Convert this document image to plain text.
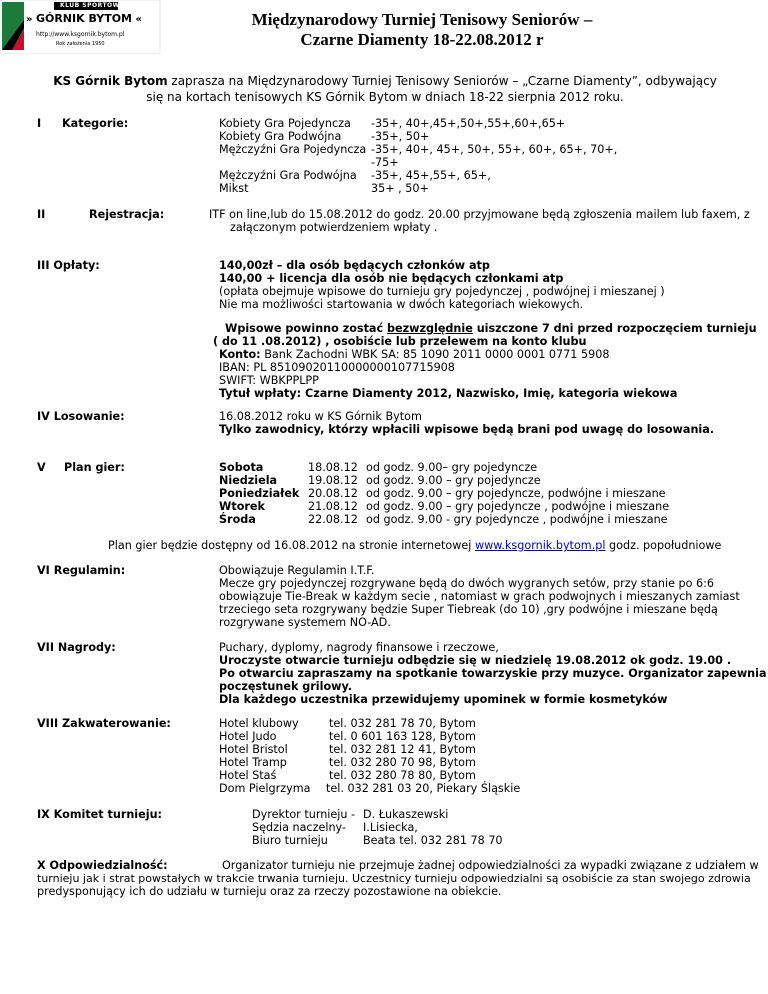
KLUB SPORTOWY
» GÓRNIK BYTOM «
http://www.ksgornik.bytom.pl
Rok założenia 1950
Międzynarodowy Turniej Tenisowy Seniorów –
Czarne Diamenty 18-22.08.2012 r
KS Górnik Bytom zaprasza na Międzynarodowy Turniej Tenisowy Seniorów – „Czarne Diamenty”, odbywający
się na kortach tenisowych KS Górnik Bytom w dniach 18-22 sierpnia 2012 roku.
I Kategorie:	Kobiety Gra Pojedyncza -35+, 40+,45+,50+,55+,60+,65+
Kobiety Gra Podwójna	-35+, 50+
Mężczyźni Gra Pojedyncza -35+, 40+, 45+, 50+, 55+, 60+, 65+, 70+,
-75+
Mężczyźni Gra Podwójna -35+, 45+,55+, 65+,
Mikst	35+ , 50+
II	Rejestracja:	ITF on line,lub do 15.08.2012 do godz. 20.00 przyjmowane będą zgłoszenia mailem lub faxem, z
załączonym potwierdzeniem wpłaty .
III Opłaty:	140,00zł – dla osób będących członków atp
140,00 + licencja dla osób nie będących członkami atp
(opłata obejmuje wpisowe do turnieju gry pojedynczej , podwójnej i mieszanej )
Nie ma możliwości startowania w dwóch kategoriach wiekowych.
Wpisowe powinno zostać bezwzględnie uiszczone 7 dni przed rozpoczęciem turnieju
( do 11 .08.2012) , osobiście lub przelewem na konto klubu
Konto: Bank Zachodni WBK SA: 85 1090 2011 0000 0001 0771 5908
IBAN: PL 85109020110000000107715908
SWIFT: WBKPPLPP
Tytuł wpłaty: Czarne Diamenty 2012, Nazwisko, Imię, kategoria wiekowa
IV Losowanie:	16.08.2012 roku w KS Górnik Bytom
Tylko zawodnicy, którzy wpłacili wpisowe będą brani pod uwagę do losowania.
V Plan gier:	Sobota	18.08.12 od godz. 9.00– gry pojedyncze
Niedziela	19.08.12 od godz. 9.00 – gry pojedyncze
Poniedziałek 20.08.12 od godz. 9.00 – gry pojedyncze, podwójne i mieszane
Wtorek	21.08.12 od godz. 9.00 – gry pojedyncze , podwójne i mieszane
Środa	22.08.12 od godz. 9.00 - gry pojedyncze , podwójne i mieszane
Plan gier będzie dostępny od 16.08.2012 na stronie internetowej www.ksgornik.bytom.pl godz. popołudniowe
VI Regulamin:	Obowiązuje Regulamin I.T.F.
Mecze gry pojedynczej rozgrywane będą do dwóch wygranych setów, przy stanie po 6:6
obowiązuje Tie-Break w każdym secie , natomiast w grach podwojnych i mieszanych zamiast
trzeciego seta rozgrywany będzie Super Tiebreak (do 10) ,gry podwójne i mieszane będą
rozgrywane systemem NO-AD.
VII Nagrody:	Puchary, dyplomy, nagrody finansowe i rzeczowe,
Uroczyste otwarcie turnieju odbędzie się w niedzielę 19.08.2012 ok godz. 19.00 .
Po otwarciu zapraszamy na spotkanie towarzyskie przy muzyce. Organizator zapewnia
poczęstunek grilowy.
Dla każdego uczestnika przewidujemy upominek w formie kosmetyków
VIII Zakwaterowanie:	Hotel klubowy	tel. 032 281 78 70, Bytom
Hotel Judo	tel. 0 601 163 128, Bytom
Hotel Bristol	tel. 032 281 12 41, Bytom
Hotel Tramp	tel. 032 280 70 98, Bytom
Hotel Staś	tel. 032 280 78 80, Bytom
Dom Pielgrzyma tel. 032 281 03 20, Piekary Śląskie
IX Komitet turnieju:	Dyrektor turnieju - D. Łukaszewski
Sędzia naczelny- I.Lisiecka,
Biuro turnieju	Beata tel. 032 281 78 70
X Odpowiedzialność:	Organizator turnieju nie przejmuje żadnej odpowiedzialności za wypadki związane z udziałem w
turnieju jak i strat powstałych w trakcie trwania turnieju. Uczestnicy turnieju odpowiedzialni są osobiście za stan swojego zdrowia
predysponujący ich do udziału w turnieju oraz za rzeczy pozostawione na obiekcie.
